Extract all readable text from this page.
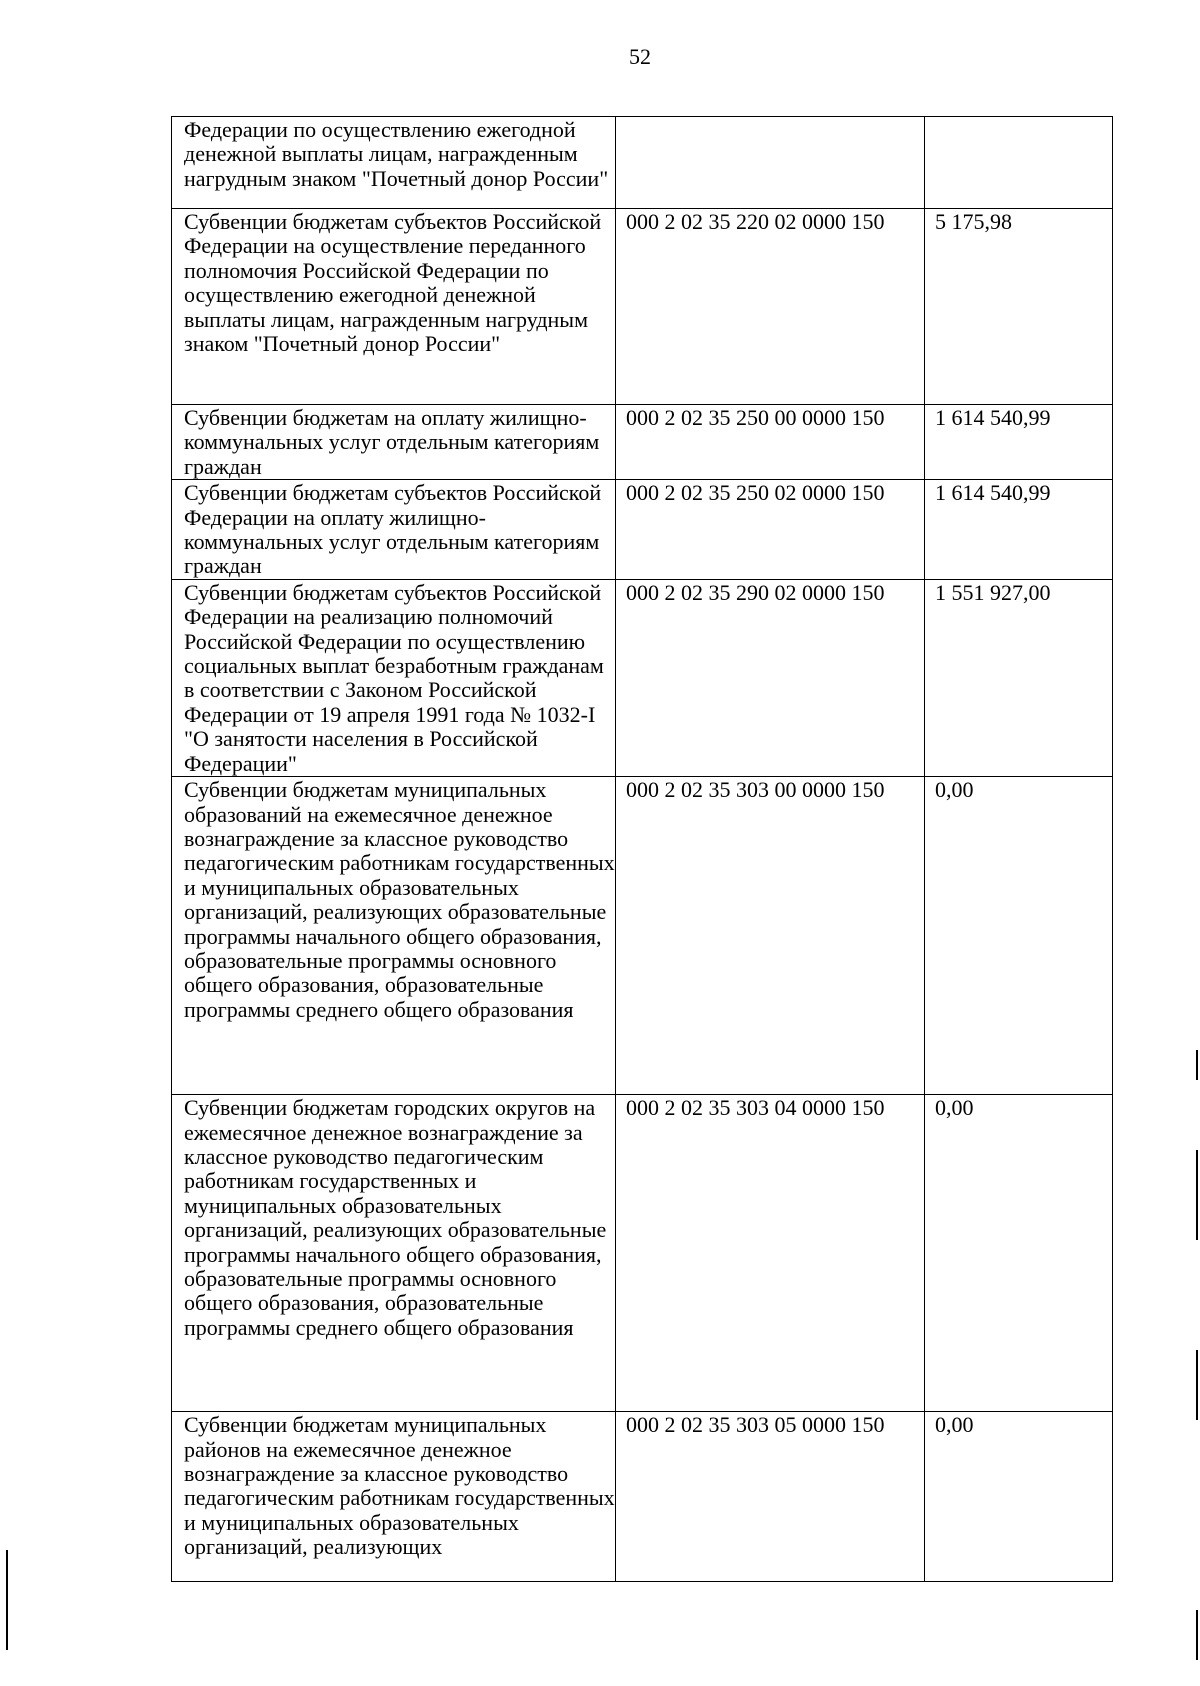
52
Федерации по осуществлению ежегодной денежной выплаты лицам, награжденным нагрудным знаком "Почетный донор России"		
Субвенции бюджетам субъектов Российской Федерации на осуществление переданного полномочия Российской Федерации по осуществлению ежегодной денежной выплаты лицам, награжденным нагрудным знаком "Почетный донор России"	000 2 02 35 220 02 0000 150	5 175,98
Субвенции бюджетам на оплату жилищно-коммунальных услуг отдельным категориям граждан	000 2 02 35 250 00 0000 150	1 614 540,99
Субвенции бюджетам субъектов Российской Федерации на оплату жилищно-коммунальных услуг отдельным категориям граждан	000 2 02 35 250 02 0000 150	1 614 540,99
Субвенции бюджетам субъектов Российской Федерации на реализацию полномочий Российской Федерации по осуществлению социальных выплат безработным гражданам в соответствии с Законом Российской Федерации от 19 апреля 1991 года № 1032-I "О занятости населения в Российской Федерации"	000 2 02 35 290 02 0000 150	1 551 927,00
Субвенции бюджетам муниципальных образований на ежемесячное денежное вознаграждение за классное руководство педагогическим работникам государственных и муниципальных образовательных организаций, реализующих образовательные программы начального общего образования, образовательные программы основного общего образования, образовательные программы среднего общего образования	000 2 02 35 303 00 0000 150	0,00
Субвенции бюджетам городских округов на ежемесячное денежное вознаграждение за классное руководство педагогическим работникам государственных и муниципальных образовательных организаций, реализующих образовательные программы начального общего образования, образовательные программы основного общего образования, образовательные программы среднего общего образования	000 2 02 35 303 04 0000 150	0,00
Субвенции бюджетам муниципальных районов на ежемесячное денежное вознаграждение за классное руководство педагогическим работникам государственных и муниципальных образовательных организаций, реализующих	000 2 02 35 303 05 0000 150	0,00
